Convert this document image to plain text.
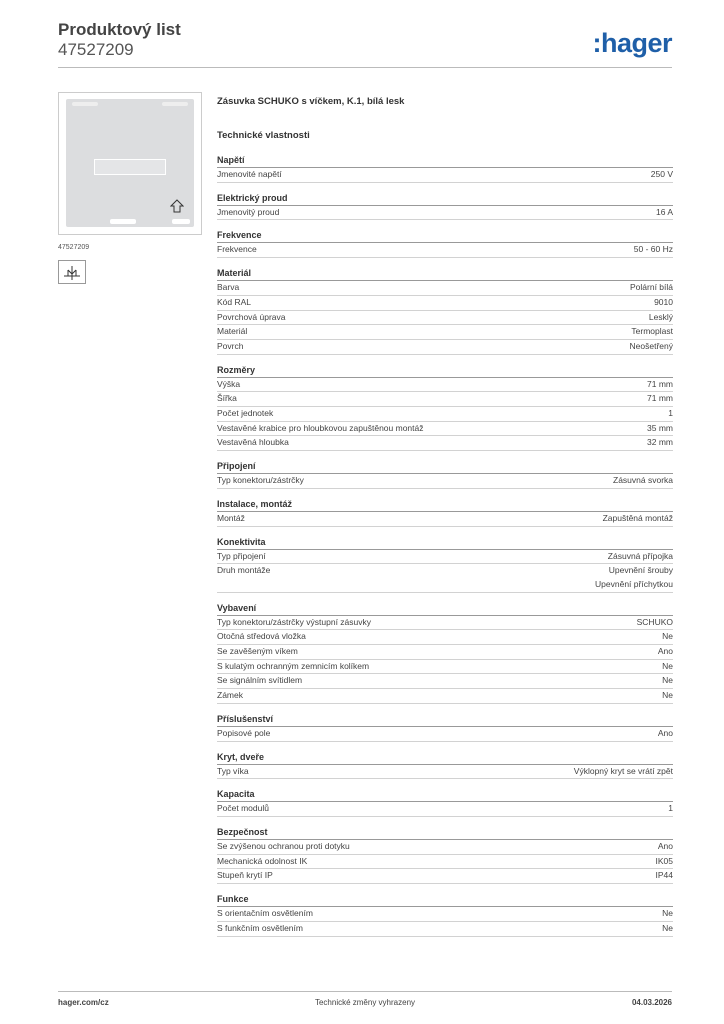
Produktový list
47527209	:hager
47527209
Zásuvka SCHUKO s víčkem, K.1, bílá lesk
Technické vlastnosti
Napětí
Jmenovité napětí	250 V
Elektrický proud
Jmenovitý proud	16 A
Frekvence
Frekvence	50 - 60 Hz
Materiál
Barva	Polární bílá
Kód RAL	9010
Povrchová úprava	Lesklý
Materiál	Termoplast
Povrch	Neošetřený
Rozměry
Výška	71 mm
Šířka	71 mm
Počet jednotek	1
Vestavěné krabice pro hloubkovou zapuštěnou montáž	35 mm
Vestavěná hloubka	32 mm
Připojení
Typ konektoru/zástrčky	Zásuvná svorka
Instalace, montáž
Montáž	Zapuštěná montáž
Konektivita
Typ připojení	Zásuvná přípojka
Druh montáže	Upevnění šrouby
Upevnění příchytkou
Vybavení
Typ konektoru/zástrčky výstupní zásuvky	SCHUKO
Otočná středová vložka	Ne
Se zavěšeným víkem	Ano
S kulatým ochranným zemnicím kolíkem	Ne
Se signálním svítidlem	Ne
Zámek	Ne
Příslušenství
Popisové pole	Ano
Kryt, dveře
Typ víka	Výklopný kryt se vrátí zpět
Kapacita
Počet modulů	1
Bezpečnost
Se zvýšenou ochranou proti dotyku	Ano
Mechanická odolnost IK	IK05
Stupeň krytí IP	IP44
Funkce
S orientačním osvětlením	Ne
S funkčním osvětlením	Ne
hager.com/cz	Technické změny vyhrazeny	04.03.2026
